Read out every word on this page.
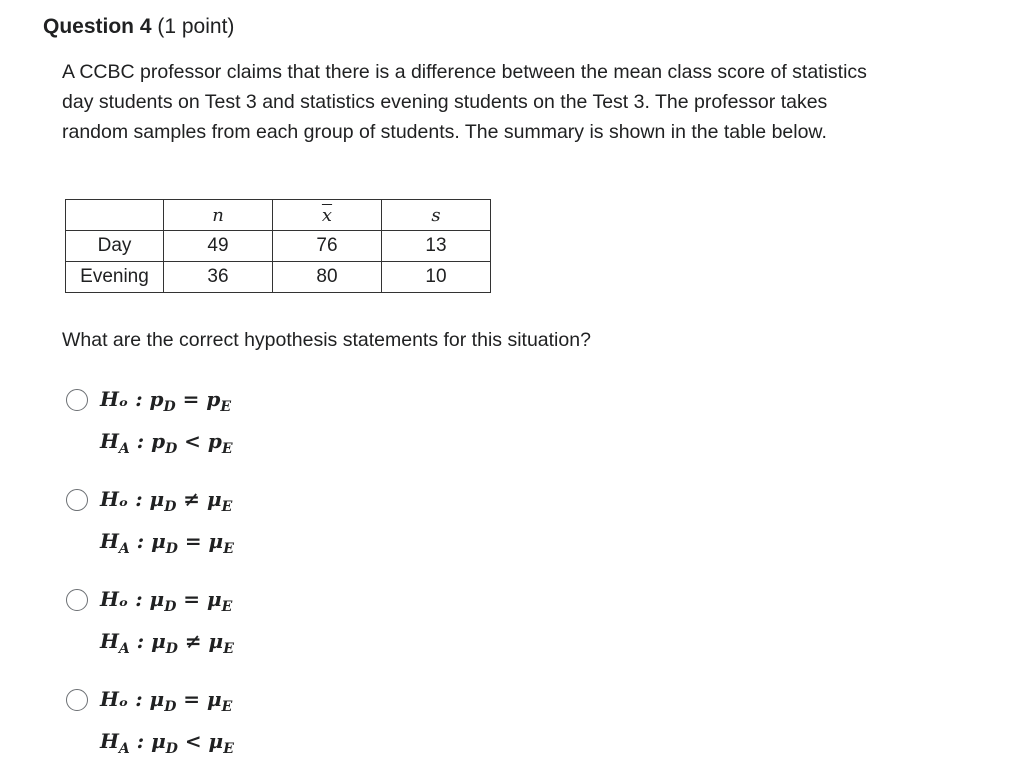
Question 4 (1 point)
A CCBC professor claims that there is a difference between the mean class score of statistics day students on Test 3 and statistics evening students on the Test 3. The professor takes random samples from each group of students. The summary is shown in the table below.
	n	$\overline{x}$	s
Day	49	76	13
Evening	36	80	10
What are the correct hypothesis statements for this situation?
Hₒ : $p_D = p_E$
$H_A$ : $p_D < p_E$
Hₒ : $\mu_D \ne \mu_E$
$H_A$ : $\mu_D = \mu_E$
Hₒ : $\mu_D = \mu_E$
$H_A$ : $\mu_D \ne \mu_E$
Hₒ : $\mu_D = \mu_E$
$H_A$ : $\mu_D < \mu_E$
